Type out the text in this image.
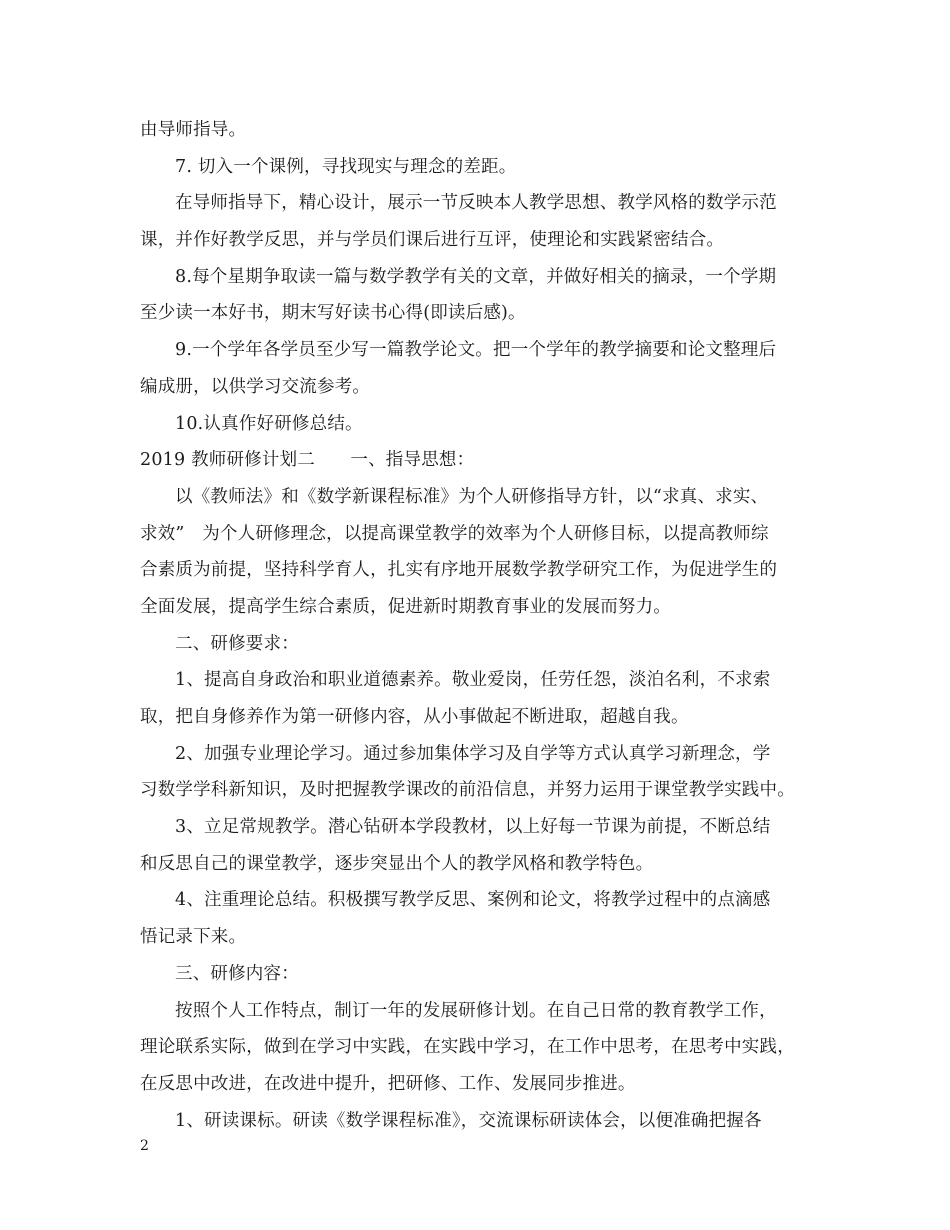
由导师指导。
7. 切入一个课例，寻找现实与理念的差距。
在导师指导下，精心设计，展示一节反映本人教学思想、教学风格的数学示范
课，并作好教学反思，并与学员们课后进行互评，使理论和实践紧密结合。
8.每个星期争取读一篇与数学教学有关的文章，并做好相关的摘录，一个学期
至少读一本好书，期末写好读书心得(即读后感)。
9.一个学年各学员至少写一篇教学论文。把一个学年的教学摘要和论文整理后
编成册，以供学习交流参考。
10.认真作好研修总结。
2019 教师研修计划二　　一、指导思想：
以《教师法》和《数学新课程标准》为个人研修指导方针，以“求真、求实、
求效”　为个人研修理念，以提高课堂教学的效率为个人研修目标，以提高教师综
合素质为前提，坚持科学育人，扎实有序地开展数学教学研究工作，为促进学生的
全面发展，提高学生综合素质，促进新时期教育事业的发展而努力。
二、研修要求：
1、提高自身政治和职业道德素养。敬业爱岗，任劳任怨，淡泊名利，不求索
取，把自身修养作为第一研修内容，从小事做起不断进取，超越自我。
2、加强专业理论学习。通过参加集体学习及自学等方式认真学习新理念，学
习数学学科新知识，及时把握教学课改的前沿信息，并努力运用于课堂教学实践中。
3、立足常规教学。潜心钻研本学段教材，以上好每一节课为前提，不断总结
和反思自己的课堂教学，逐步突显出个人的教学风格和教学特色。
4、注重理论总结。积极撰写教学反思、案例和论文，将教学过程中的点滴感
悟记录下来。
三、研修内容：
按照个人工作特点，制订一年的发展研修计划。在自己日常的教育教学工作，
理论联系实际，做到在学习中实践，在实践中学习，在工作中思考，在思考中实践，
在反思中改进，在改进中提升，把研修、工作、发展同步推进。
1、研读课标。研读《数学课程标准》，交流课标研读体会，以便准确把握各
2
